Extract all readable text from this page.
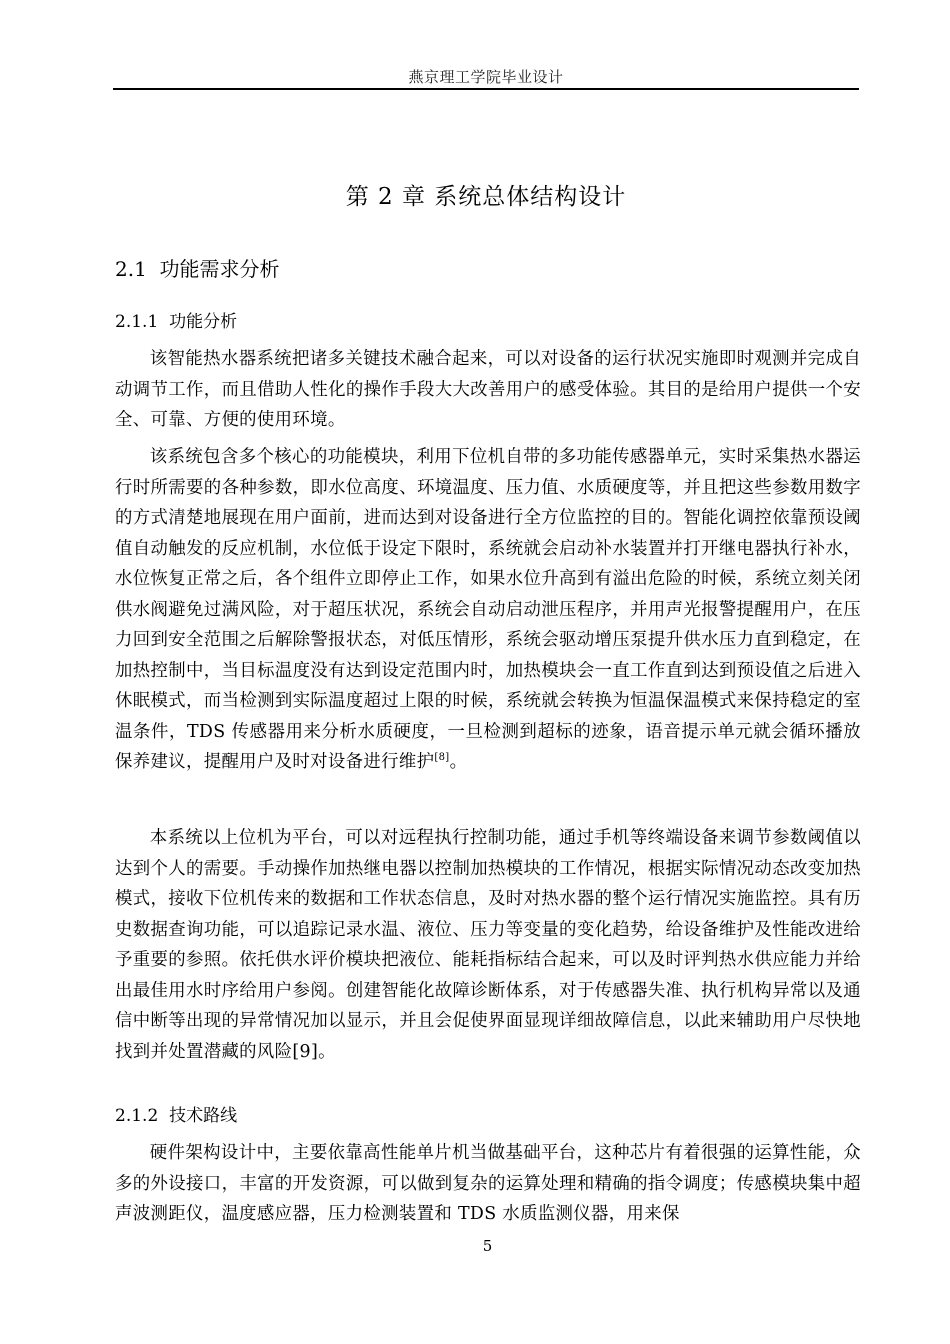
燕京理工学院毕业设计
第 2 章 系统总体结构设计
2.1 功能需求分析
2.1.1 功能分析

该智能热水器系统把诸多关键技术融合起来，可以对设备的运行状况实施即时观测并完成自动调节工作，而且借助人性化的操作手段大大改善用户的感受体验。其目的是给用户提供一个安全、可靠、方便的使用环境。

该系统包含多个核心的功能模块，利用下位机自带的多功能传感器单元，实时采集热水器运行时所需要的各种参数，即水位高度、环境温度、压力值、水质硬度等，并且把这些参数用数字的方式清楚地展现在用户面前，进而达到对设备进行全方位监控的目的。智能化调控依靠预设阈值自动触发的反应机制，水位低于设定下限时，系统就会启动补水装置并打开继电器执行补水，水位恢复正常之后，各个组件立即停止工作，如果水位升高到有溢出危险的时候，系统立刻关闭供水阀避免过满风险，对于超压状况，系统会自动启动泄压程序，并用声光报警提醒用户，在压力回到安全范围之后解除警报状态，对低压情形，系统会驱动增压泵提升供水压力直到稳定，在加热控制中，当目标温度没有达到设定范围内时，加热模块会一直工作直到达到预设值之后进入休眠模式，而当检测到实际温度超过上限的时候，系统就会转换为恒温保温模式来保持稳定的室温条件，TDS 传感器用来分析水质硬度，一旦检测到超标的迹象，语音提示单元就会循环播放保养建议，提醒用户及时对设备进行维护[8]。

本系统以上位机为平台，可以对远程执行控制功能，通过手机等终端设备来调节参数阈值以达到个人的需要。手动操作加热继电器以控制加热模块的工作情况，根据实际情况动态改变加热模式，接收下位机传来的数据和工作状态信息，及时对热水器的整个运行情况实施监控。具有历史数据查询功能，可以追踪记录水温、液位、压力等变量的变化趋势，给设备维护及性能改进给予重要的参照。依托供水评价模块把液位、能耗指标结合起来，可以及时评判热水供应能力并给出最佳用水时序给用户参阅。创建智能化故障诊断体系，对于传感器失准、执行机构异常以及通信中断等出现的异常情况加以显示，并且会促使界面显现详细故障信息，以此来辅助用户尽快地找到并处置潜藏的风险[9]。

2.1.2 技术路线

硬件架构设计中，主要依靠高性能单片机当做基础平台，这种芯片有着很强的运算性能，众多的外设接口，丰富的开发资源，可以做到复杂的运算处理和精确的指令调度；传感模块集中超声波测距仪，温度感应器，压力检测装置和 TDS 水质监测仪器，用来保

5
